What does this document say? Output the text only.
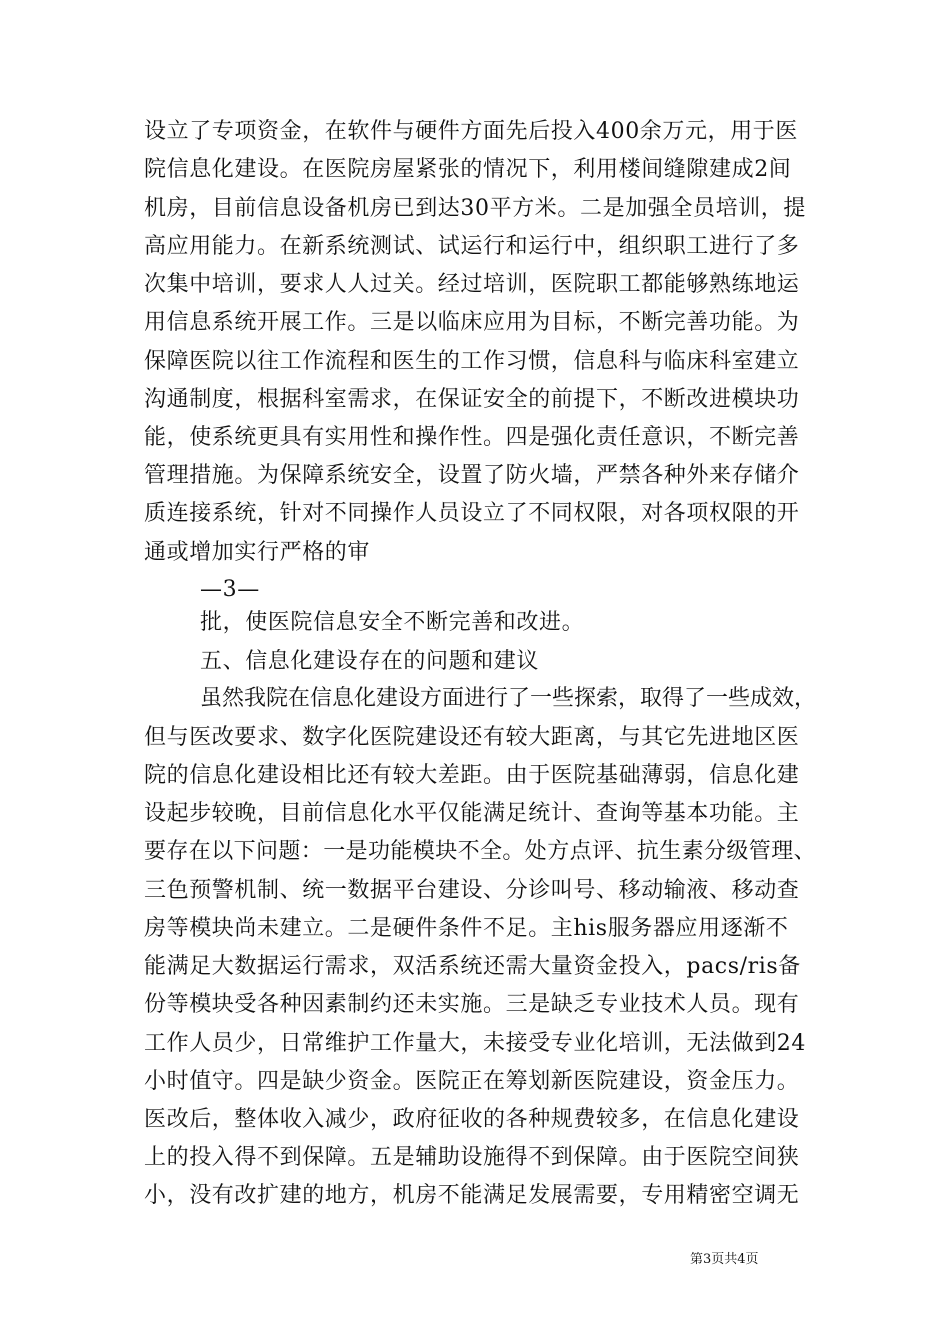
设立了专项资金，在软件与硬件方面先后投入400余万元，用于医
院信息化建设。在医院房屋紧张的情况下，利用楼间缝隙建成2间
机房，目前信息设备机房已到达30平方米。二是加强全员培训，提
高应用能力。在新系统测试、试运行和运行中，组织职工进行了多
次集中培训，要求人人过关。经过培训，医院职工都能够熟练地运
用信息系统开展工作。三是以临床应用为目标，不断完善功能。为
保障医院以往工作流程和医生的工作习惯，信息科与临床科室建立
沟通制度，根据科室需求，在保证安全的前提下，不断改进模块功
能，使系统更具有实用性和操作性。四是强化责任意识，不断完善
管理措施。为保障系统安全，设置了防火墙，严禁各种外来存储介
质连接系统，针对不同操作人员设立了不同权限，对各项权限的开
通或增加实行严格的审
—3—
批，使医院信息安全不断完善和改进。
五、信息化建设存在的问题和建议
虽然我院在信息化建设方面进行了一些探索，取得了一些成效，
但与医改要求、数字化医院建设还有较大距离，与其它先进地区医
院的信息化建设相比还有较大差距。由于医院基础薄弱，信息化建
设起步较晚，目前信息化水平仅能满足统计、查询等基本功能。主
要存在以下问题：一是功能模块不全。处方点评、抗生素分级管理、
三色预警机制、统一数据平台建设、分诊叫号、移动输液、移动查
房等模块尚未建立。二是硬件条件不足。主his服务器应用逐渐不
能满足大数据运行需求，双活系统还需大量资金投入，pacs/ris备
份等模块受各种因素制约还未实施。三是缺乏专业技术人员。现有
工作人员少，日常维护工作量大，未接受专业化培训，无法做到24
小时值守。四是缺少资金。医院正在筹划新医院建设，资金压力。
医改后，整体收入减少，政府征收的各种规费较多，在信息化建设
上的投入得不到保障。五是辅助设施得不到保障。由于医院空间狭
小，没有改扩建的地方，机房不能满足发展需要，专用精密空调无
第3页共4页
